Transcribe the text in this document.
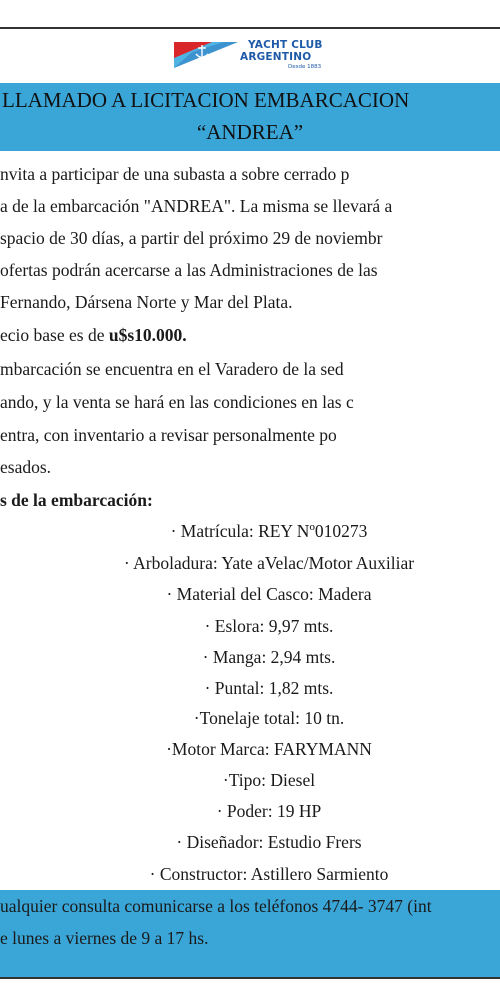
YACHT CLUB
ARGENTINO
Desde 1883
LLAMADO A LICITACION EMBARCACION
“ANDREA”
nvita a participar de una subasta a sobre cerrado p
a de la embarcación "ANDREA". La misma se llevará a
spacio de 30 días, a partir del próximo 29 de noviembr
ofertas podrán acercarse a las Administraciones de las
Fernando, Dársena Norte y Mar del Plata.
ecio base es de u$s10.000.
mbarcación se encuentra en el Varadero de la sed
ando, y la venta se hará en las condiciones en las c
entra, con inventario a revisar personalmente po
esados.
s de la embarcación:
· Matrícula: REY Nº010273
· Arboladura: Yate aVelac/Motor Auxiliar
· Material del Casco: Madera
· Eslora: 9,97 mts.
· Manga: 2,94 mts.
· Puntal: 1,82 mts.
·Tonelaje total: 10 tn.
·Motor Marca: FARYMANN
·Tipo: Diesel
· Poder: 19 HP
· Diseñador: Estudio Frers
· Constructor: Astillero Sarmiento
ualquier consulta comunicarse a los teléfonos 4744- 3747 (int
e lunes a viernes de 9 a 17 hs.
